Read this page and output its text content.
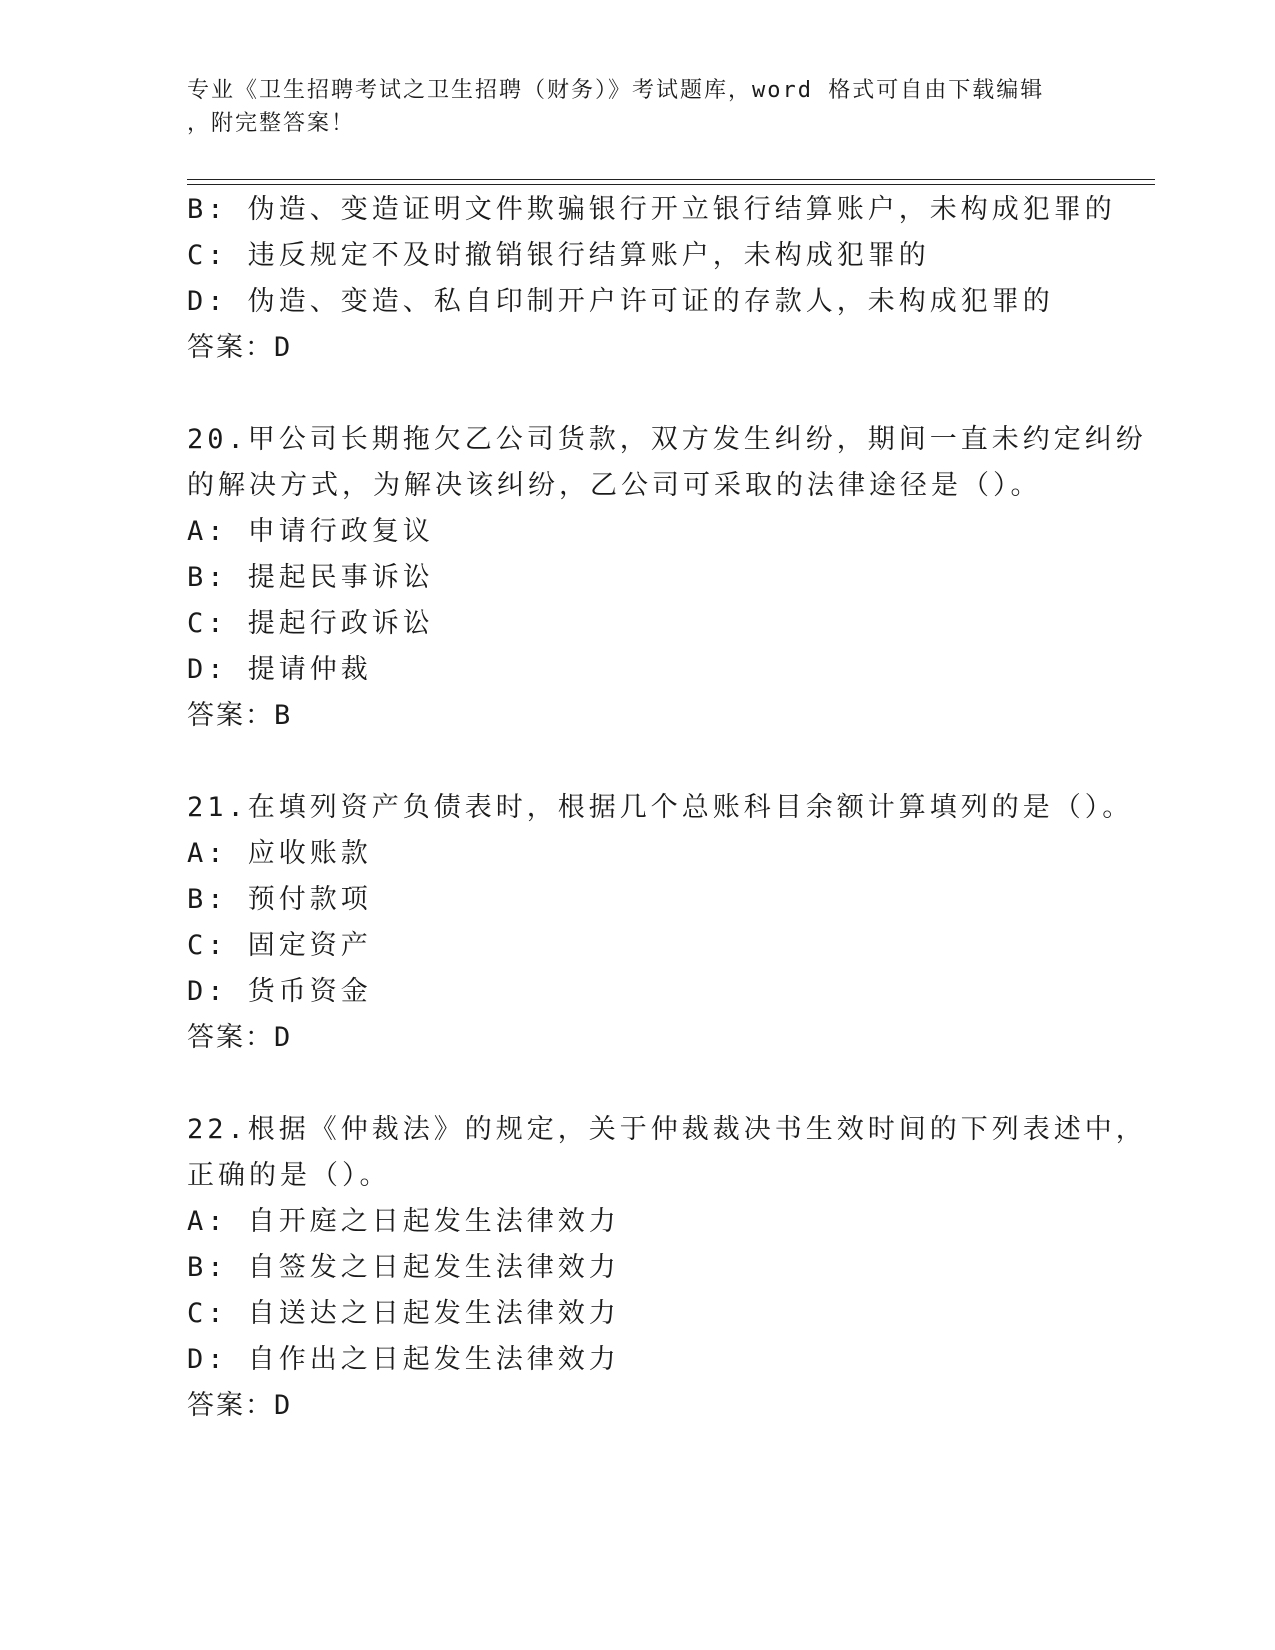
专业《卫生招聘考试之卫生招聘（财务）》考试题库，word 格式可自由下载编辑
，附完整答案！
B: 伪造、变造证明文件欺骗银行开立银行结算账户，未构成犯罪的
C: 违反规定不及时撤销银行结算账户，未构成犯罪的
D: 伪造、变造、私自印制开户许可证的存款人，未构成犯罪的
答案：D
20.甲公司长期拖欠乙公司货款，双方发生纠纷，期间一直未约定纠纷
的解决方式，为解决该纠纷，乙公司可采取的法律途径是（）。
A: 申请行政复议
B: 提起民事诉讼
C: 提起行政诉讼
D: 提请仲裁
答案：B
21.在填列资产负债表时，根据几个总账科目余额计算填列的是（）。
A: 应收账款
B: 预付款项
C: 固定资产
D: 货币资金
答案：D
22.根据《仲裁法》的规定，关于仲裁裁决书生效时间的下列表述中，
正确的是（）。
A: 自开庭之日起发生法律效力
B: 自签发之日起发生法律效力
C: 自送达之日起发生法律效力
D: 自作出之日起发生法律效力
答案：D
